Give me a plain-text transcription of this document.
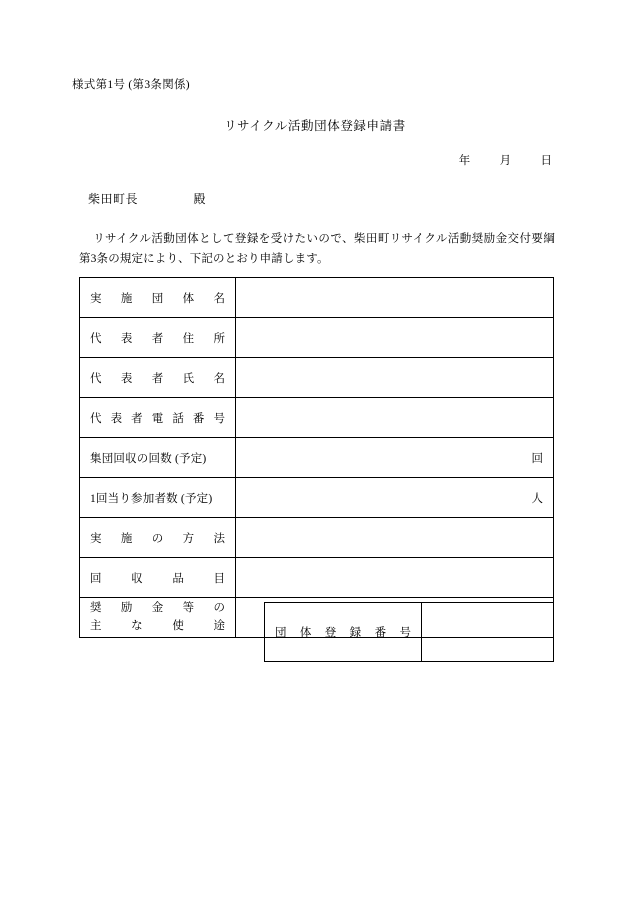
様式第1号 (第3条関係)
リサイクル活動団体登録申請書
年	月	日
柴田町長	殿
リサイクル活動団体として登録を受けたいので、柴田町リサイクル活動奨励金交付要綱第3条の規定により、下記のとおり申請します。
実 施 団 体 名	

代 表 者 住 所	

代 表 者 氏 名	

代 表 者 電 話 番 号

集団回収の回数 (予定)	回

1回当り参加者数 (予定)	人

実 施 の 方 法	

回 収 品 目	

奨 励 金 等 の
主	な	使	途

団 体 登 録 番 号
